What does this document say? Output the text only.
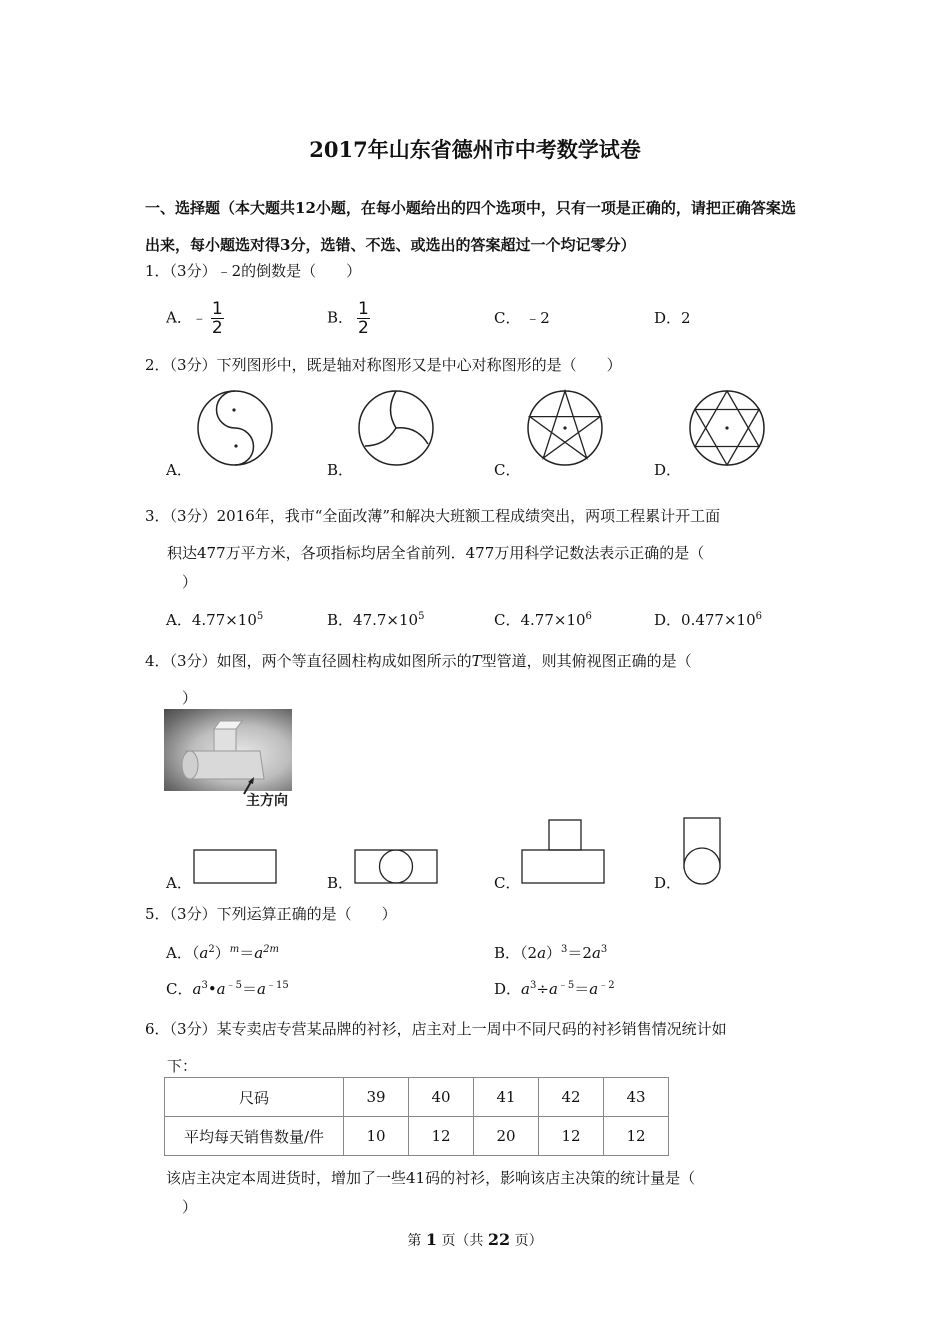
2017年山东省德州市中考数学试卷
一、选择题（本大题共12小题，在每小题给出的四个选项中，只有一项是正确的，请把正确答案选出来，每小题选对得3分，选错、不选、或选出的答案超过一个均记零分）
1．（3分）﹣2的倒数是（　　）
A．﹣ $\frac{1}{2}$	B． $\frac{1}{2}$	C． ﹣2	D．2
2．（3分）下列图形中，既是轴对称图形又是中心对称图形的是（　　）
A．	B．	C．	D．
3．（3分）2016年，我市“全面改薄”和解决大班额工程成绩突出，两项工程累计开工面
积达477万平方米，各项指标均居全省前列．477万用科学记数法表示正确的是（
）
A．$4.77\times 10^5$	B．$47.7\times 10^5$	C．$4.77\times 10^6$	D．$0.477\times 10^6$
4．（3分）如图，两个等直径圆柱构成如图所示的T型管道，则其俯视图正确的是（
）
主方向
A．	B．	C．	D．
5．（3分）下列运算正确的是（　　）
A．$(a^2)^m=a^{2m}$	B．$(2a)^3=2a^3$
C．$a^3•a^{﹣5}=a^{﹣15}$	D．$a^3\div a^{﹣5}=a^{﹣2}$
6．（3分）某专卖店专营某品牌的衬衫，店主对上一周中不同尺码的衬衫销售情况统计如
下：
尺码	39	40	41	42	43
平均每天销售数量/件	10	12	20	12	12
该店主决定本周进货时，增加了一些41码的衬衫，影响该店主决策的统计量是（
）
第 1 页（共 22 页）
